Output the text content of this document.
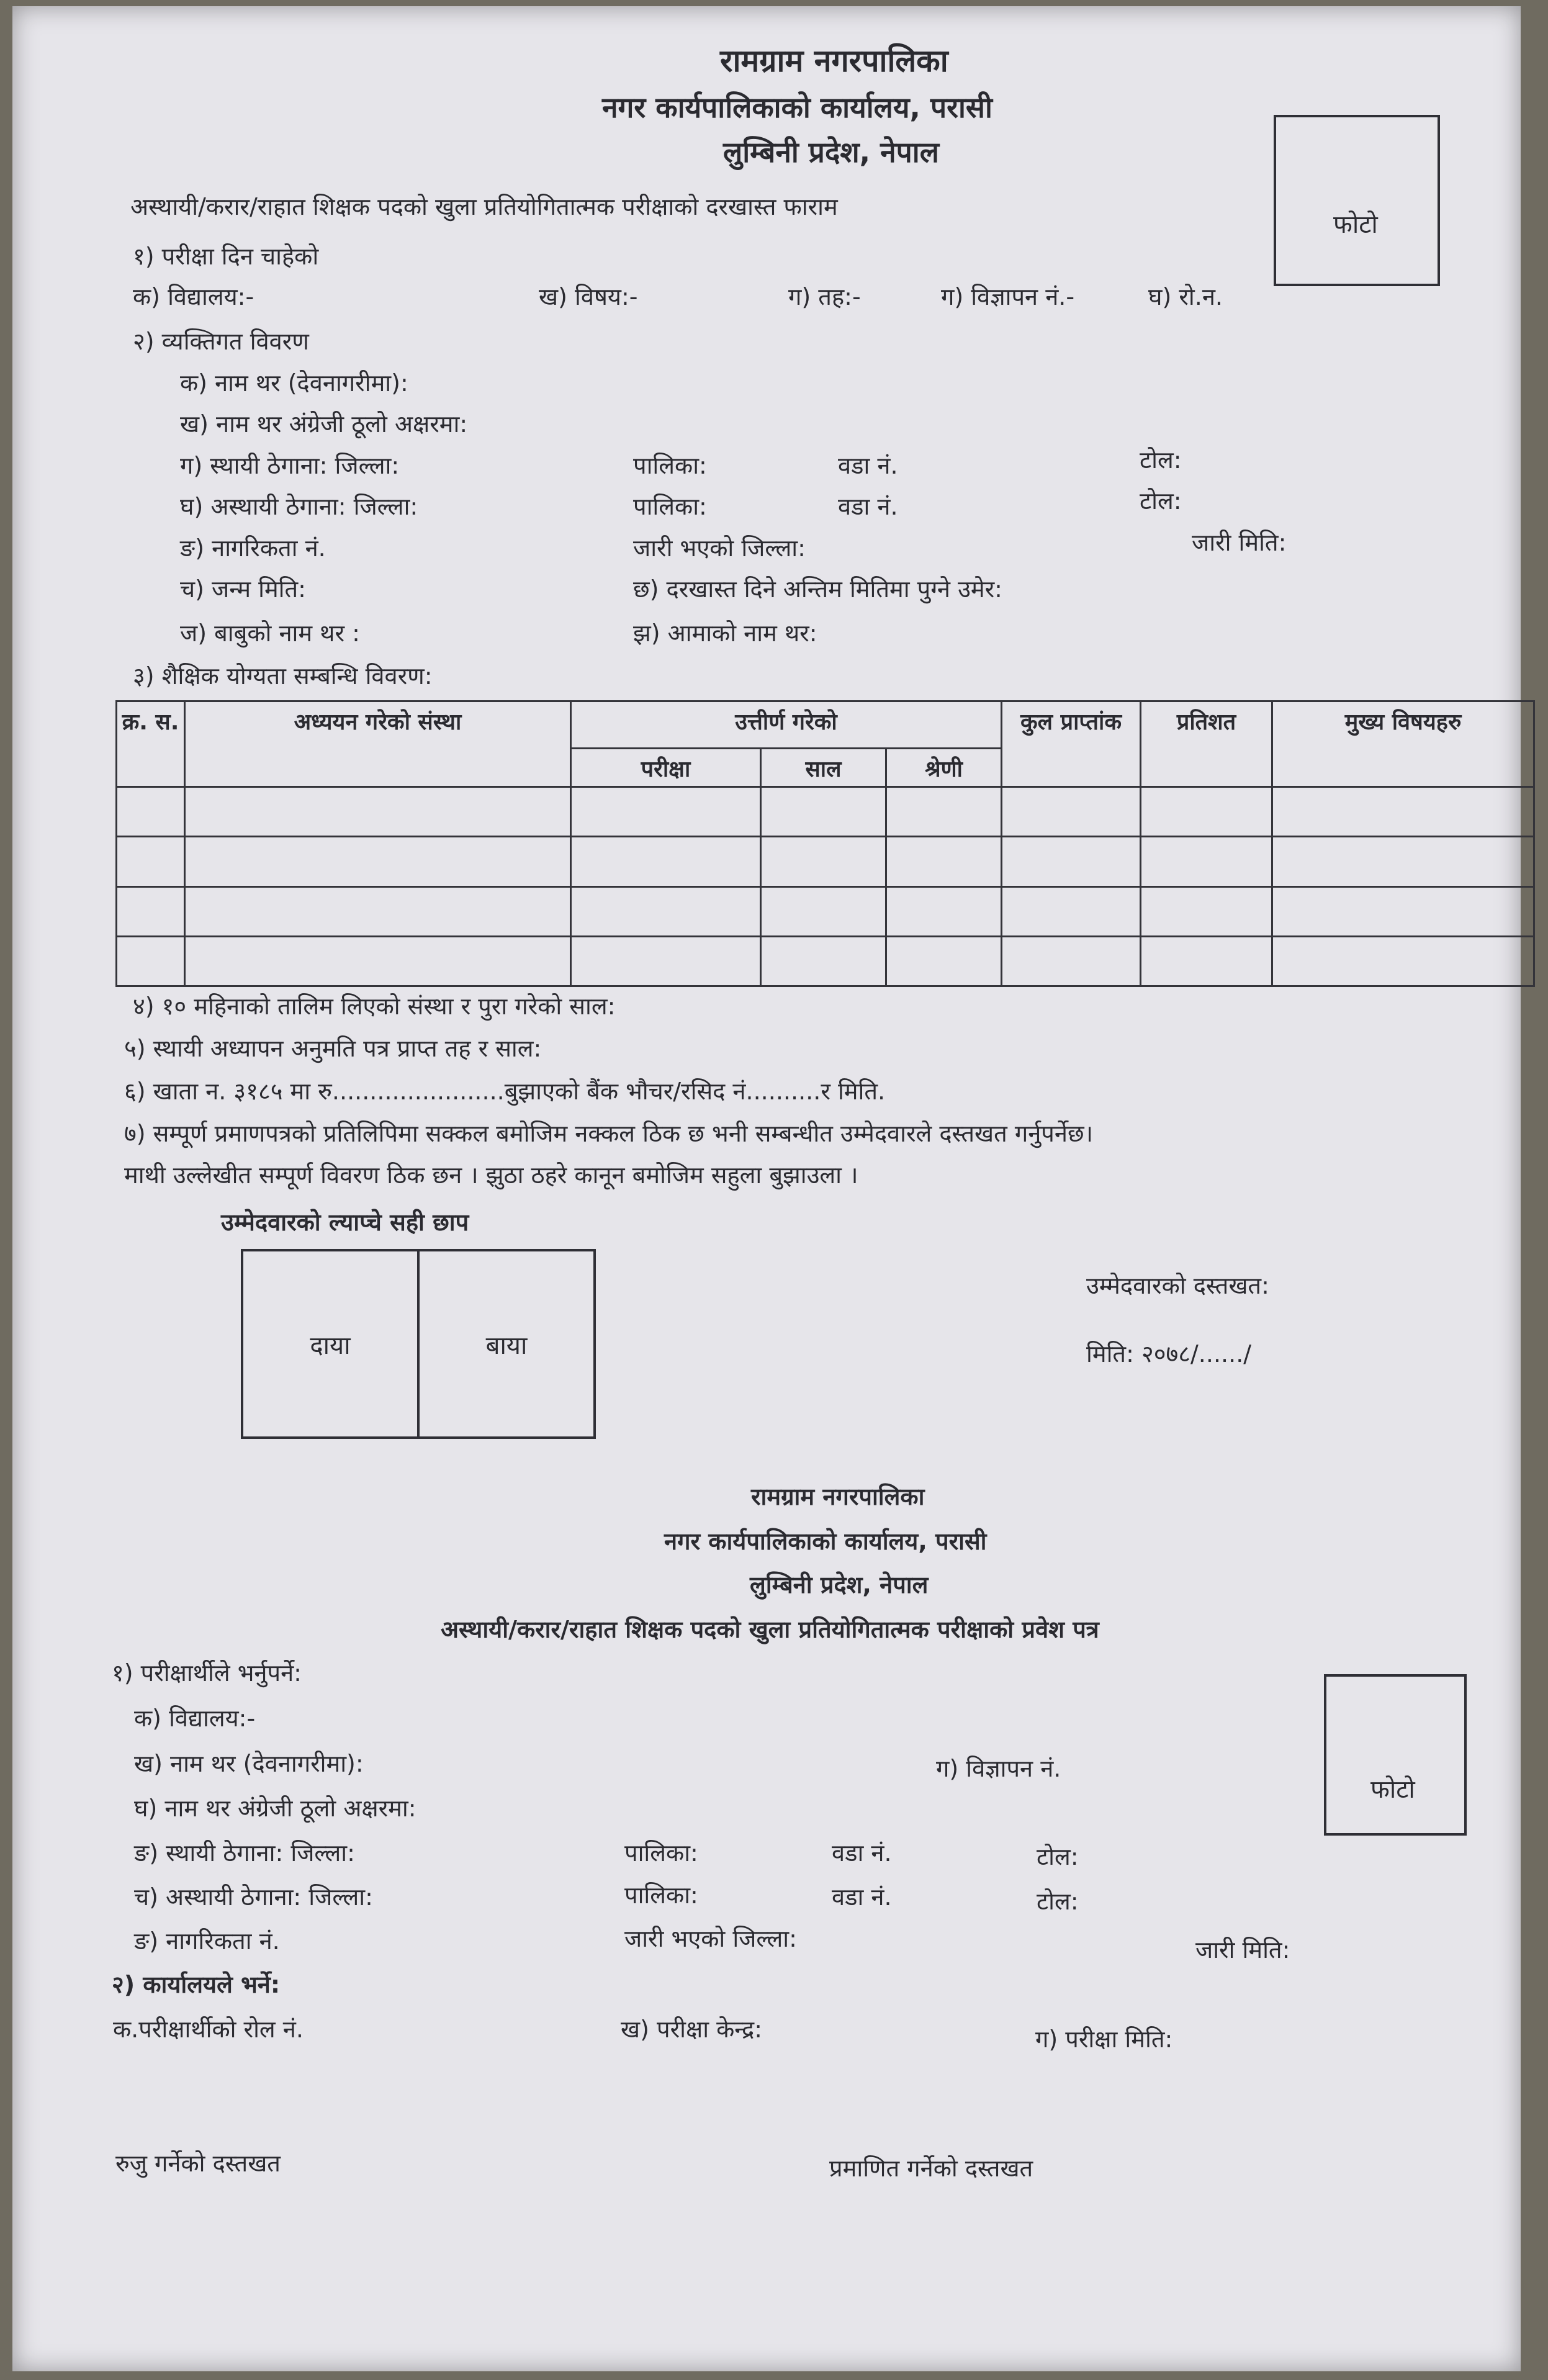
रामग्राम नगरपालिका
नगर कार्यपालिकाको कार्यालय, परासी
लुम्बिनी प्रदेश, नेपाल
फोटो
अस्थायी/करार/राहात शिक्षक पदको खुला प्रतियोगितात्मक परीक्षाको दरखास्त फाराम
१) परीक्षा दिन चाहेको
क) विद्यालय:-	ख) विषय:-	ग) तह:-	ग) विज्ञापन नं.-	घ) रो.न.
२) व्यक्तिगत विवरण
क) नाम थर (देवनागरीमा):
ख) नाम थर अंग्रेजी ठूलो अक्षरमा:
ग) स्थायी ठेगाना: जिल्ला:	पालिका:	वडा नं.	टोल:
घ) अस्थायी ठेगाना: जिल्ला:	पालिका:	वडा नं.	टोल:
ङ) नागरिकता नं.	जारी भएको जिल्ला:	जारी मिति:
च) जन्म मिति:	छ) दरखास्त दिने अन्तिम मितिमा पुग्ने उमेर:
ज) बाबुको नाम थर :	झ) आमाको नाम थर:
३) शैक्षिक योग्यता सम्बन्धि विवरण:
क्र. स.	अध्ययन गरेको संस्था	उत्तीर्ण गरेको			कुल प्राप्तांक	प्रतिशत	मुख्य विषयहरु
		परीक्षा	साल	श्रेणी			

४) १० महिनाको तालिम लिएको संस्था र पुरा गरेको साल:
५) स्थायी अध्यापन अनुमति पत्र प्राप्त तह र साल:
६) खाता न. ३१८५ मा रु.......................बुझाएको बैंक भौचर/रसिद नं..........र मिति.
७) सम्पूर्ण प्रमाणपत्रको प्रतिलिपिमा सक्कल बमोजिम नक्कल ठिक छ भनी सम्बन्धीत उम्मेदवारले दस्तखत गर्नुपर्नेछ।
माथी उल्लेखीत सम्पूर्ण विवरण ठिक छन । झुठा ठहरे कानून बमोजिम सहुला बुझाउला ।
उम्मेदवारको ल्याप्चे सही छाप
दाया	बाया
उम्मेदवारको दस्तखत:
मिति: २०७८/....../
रामग्राम नगरपालिका
नगर कार्यपालिकाको कार्यालय, परासी
लुम्बिनी प्रदेश, नेपाल
अस्थायी/करार/राहात शिक्षक पदको खुला प्रतियोगितात्मक परीक्षाको प्रवेश पत्र
फोटो
१) परीक्षार्थीले भर्नुपर्ने:
क) विद्यालय:-
ख) नाम थर (देवनागरीमा):	ग) विज्ञापन नं.
घ) नाम थर अंग्रेजी ठूलो अक्षरमा:
ङ) स्थायी ठेगाना: जिल्ला:	पालिका:	वडा नं.	टोल:
च) अस्थायी ठेगाना: जिल्ला:	पालिका:	वडा नं.	टोल:
ङ) नागरिकता नं.	जारी भएको जिल्ला:	जारी मिति:
२) कार्यालयले भर्ने:
क.परीक्षार्थीको रोल नं.	ख) परीक्षा केन्द्र:	ग) परीक्षा मिति:
रुजु गर्नेको दस्तखत	प्रमाणित गर्नेको दस्तखत
